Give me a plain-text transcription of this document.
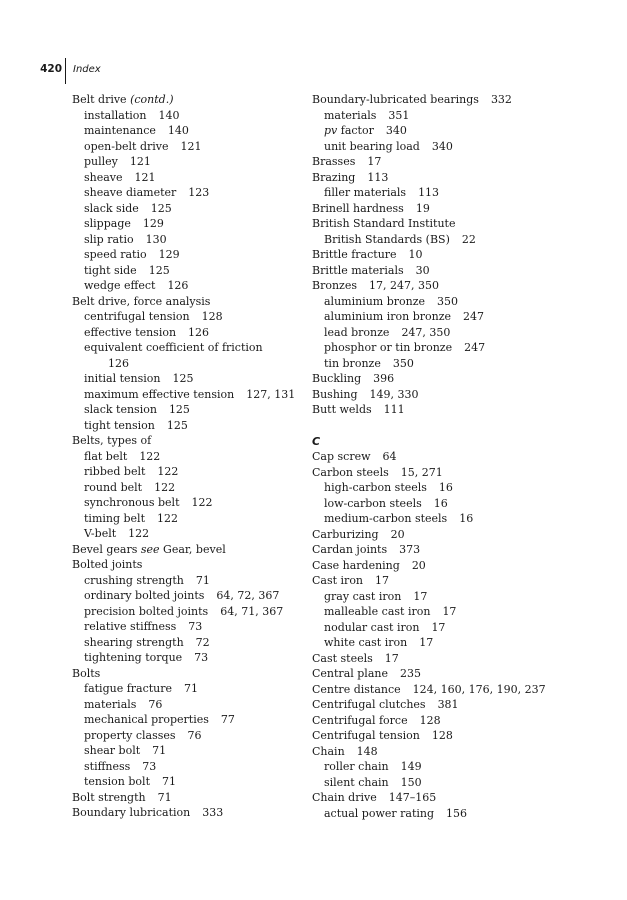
420 Index
Belt drive (contd.)
installation 140
maintenance 140
open-belt drive 121
pulley 121
sheave 121
sheave diameter 123
slack side 125
slippage 129
slip ratio 130
speed ratio 129
tight side 125
wedge effect 126
Belt drive, force analysis
centrifugal tension 128
effective tension 126
equivalent coefficient of friction
126
initial tension 125
maximum effective tension 127, 131
slack tension 125
tight tension 125
Belts, types of
flat belt 122
ribbed belt 122
round belt 122
synchronous belt 122
timing belt 122
V-belt 122
Bevel gears see Gear, bevel
Bolted joints
crushing strength 71
ordinary bolted joints 64, 72, 367
precision bolted joints 64, 71, 367
relative stiffness 73
shearing strength 72
tightening torque 73
Bolts
fatigue fracture 71
materials 76
mechanical properties 77
property classes 76
shear bolt 71
stiffness 73
tension bolt 71
Bolt strength 71
Boundary lubrication 333
Boundary-lubricated bearings 332
materials 351
pv factor 340
unit bearing load 340
Brasses 17
Brazing 113
filler materials 113
Brinell hardness 19
British Standard Institute
British Standards (BS) 22
Brittle fracture 10
Brittle materials 30
Bronzes 17, 247, 350
aluminium bronze 350
aluminium iron bronze 247
lead bronze 247, 350
phosphor or tin bronze 247
tin bronze 350
Buckling 396
Bushing 149, 330
Butt welds 111
C
Cap screw 64
Carbon steels 15, 271
high-carbon steels 16
low-carbon steels 16
medium-carbon steels 16
Carburizing 20
Cardan joints 373
Case hardening 20
Cast iron 17
gray cast iron 17
malleable cast iron 17
nodular cast iron 17
white cast iron 17
Cast steels 17
Central plane 235
Centre distance 124, 160, 176, 190, 237
Centrifugal clutches 381
Centrifugal force 128
Centrifugal tension 128
Chain 148
roller chain 149
silent chain 150
Chain drive 147–165
actual power rating 156
